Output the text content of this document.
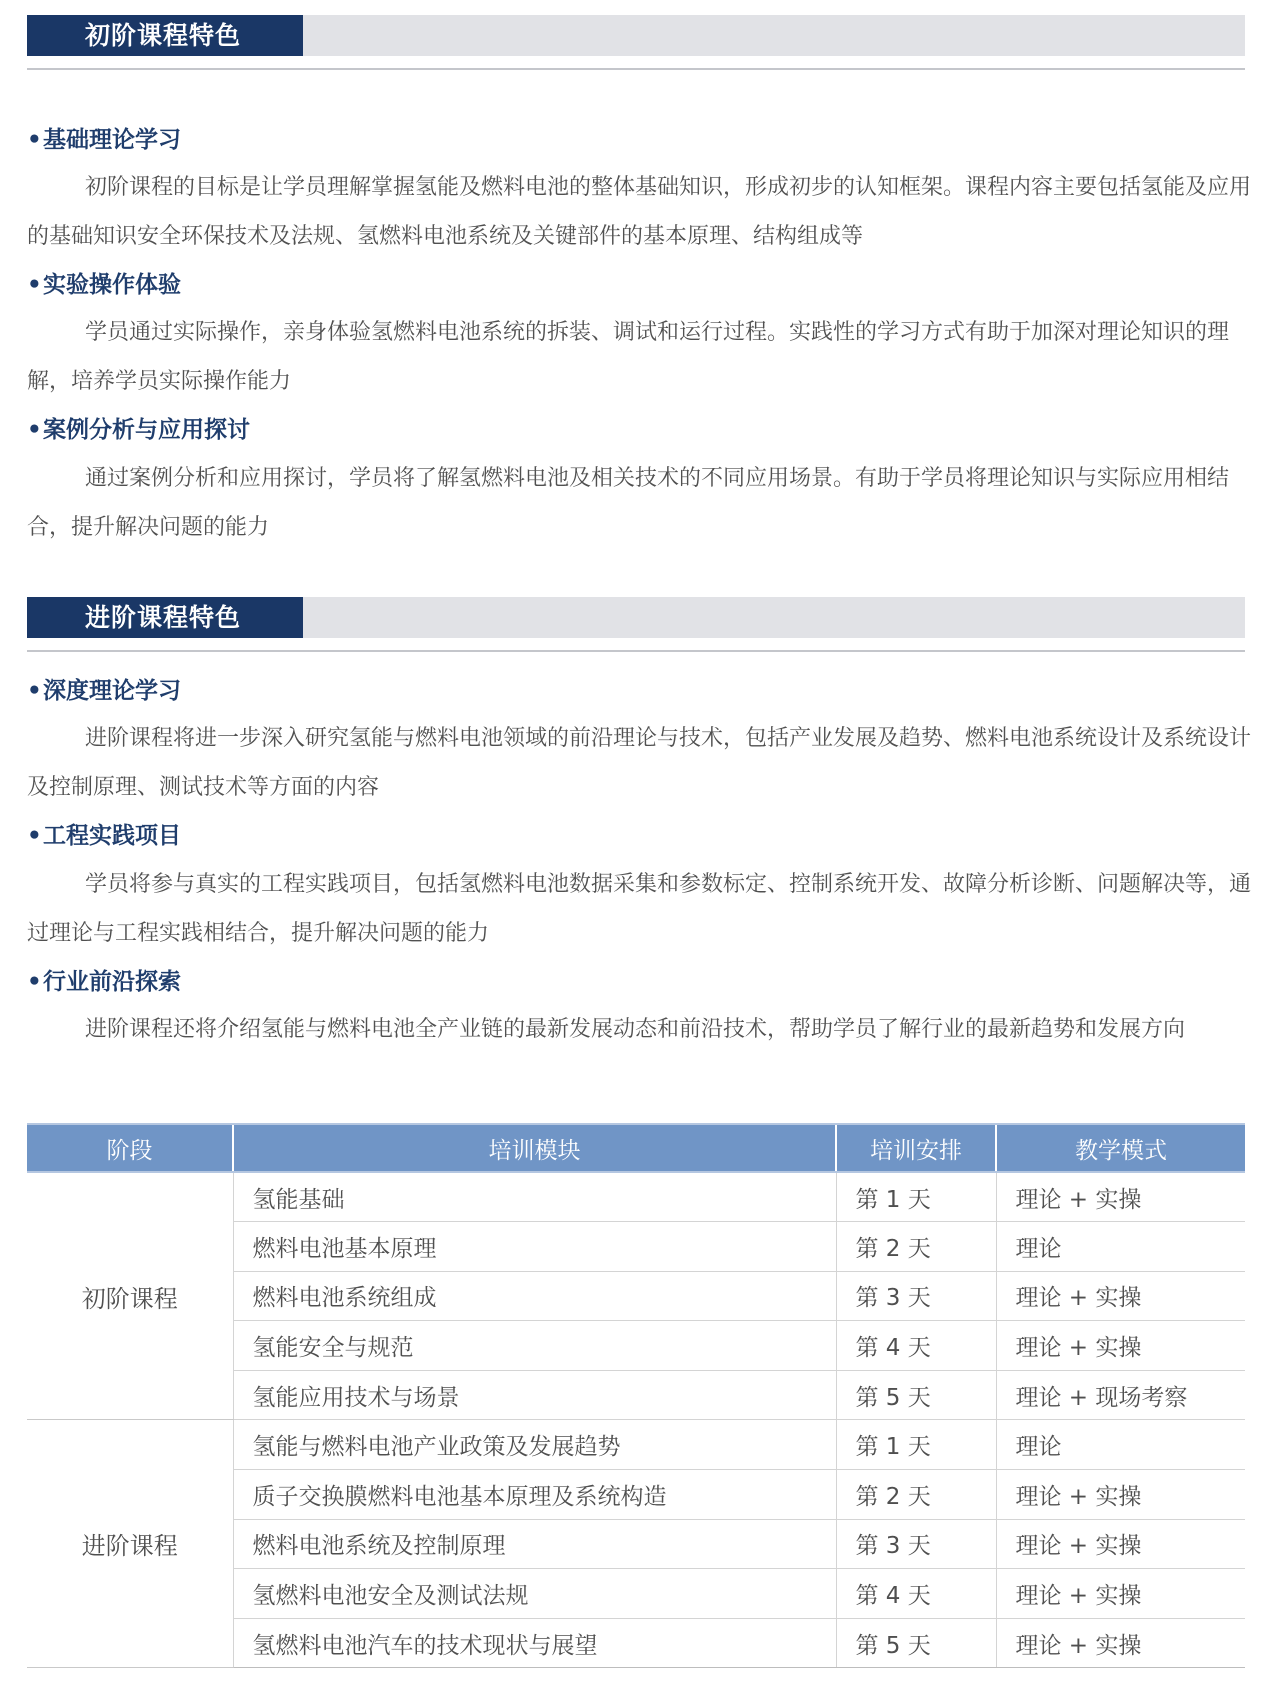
初阶课程特色
•基础理论学习
初阶课程的目标是让学员理解掌握氢能及燃料电池的整体基础知识，形成初步的认知框架。课程内容主要包括氢能及应用的基础知识安全环保技术及法规、氢燃料电池系统及关键部件的基本原理、结构组成等
•实验操作体验
学员通过实际操作，亲身体验氢燃料电池系统的拆装、调试和运行过程。实践性的学习方式有助于加深对理论知识的理解，培养学员实际操作能力
•案例分析与应用探讨
通过案例分析和应用探讨，学员将了解氢燃料电池及相关技术的不同应用场景。有助于学员将理论知识与实际应用相结合，提升解决问题的能力
进阶课程特色
•深度理论学习
进阶课程将进一步深入研究氢能与燃料电池领域的前沿理论与技术，包括产业发展及趋势、燃料电池系统设计及系统设计及控制原理、测试技术等方面的内容
•工程实践项目
学员将参与真实的工程实践项目，包括氢燃料电池数据采集和参数标定、控制系统开发、故障分析诊断、问题解决等，通过理论与工程实践相结合，提升解决问题的能力
•行业前沿探索
进阶课程还将介绍氢能与燃料电池全产业链的最新发展动态和前沿技术，帮助学员了解行业的最新趋势和发展方向
阶段	培训模块	培训安排	教学模式
初阶课程	氢能基础	第 1 天	理论 + 实操
	燃料电池基本原理	第 2 天	理论
	燃料电池系统组成	第 3 天	理论 + 实操
	氢能安全与规范	第 4 天	理论 + 实操
	氢能应用技术与场景	第 5 天	理论 + 现场考察
进阶课程	氢能与燃料电池产业政策及发展趋势	第 1 天	理论
	质子交换膜燃料电池基本原理及系统构造	第 2 天	理论 + 实操
	燃料电池系统及控制原理	第 3 天	理论 + 实操
	氢燃料电池安全及测试法规	第 4 天	理论 + 实操
	氢燃料电池汽车的技术现状与展望	第 5 天	理论 + 实操
